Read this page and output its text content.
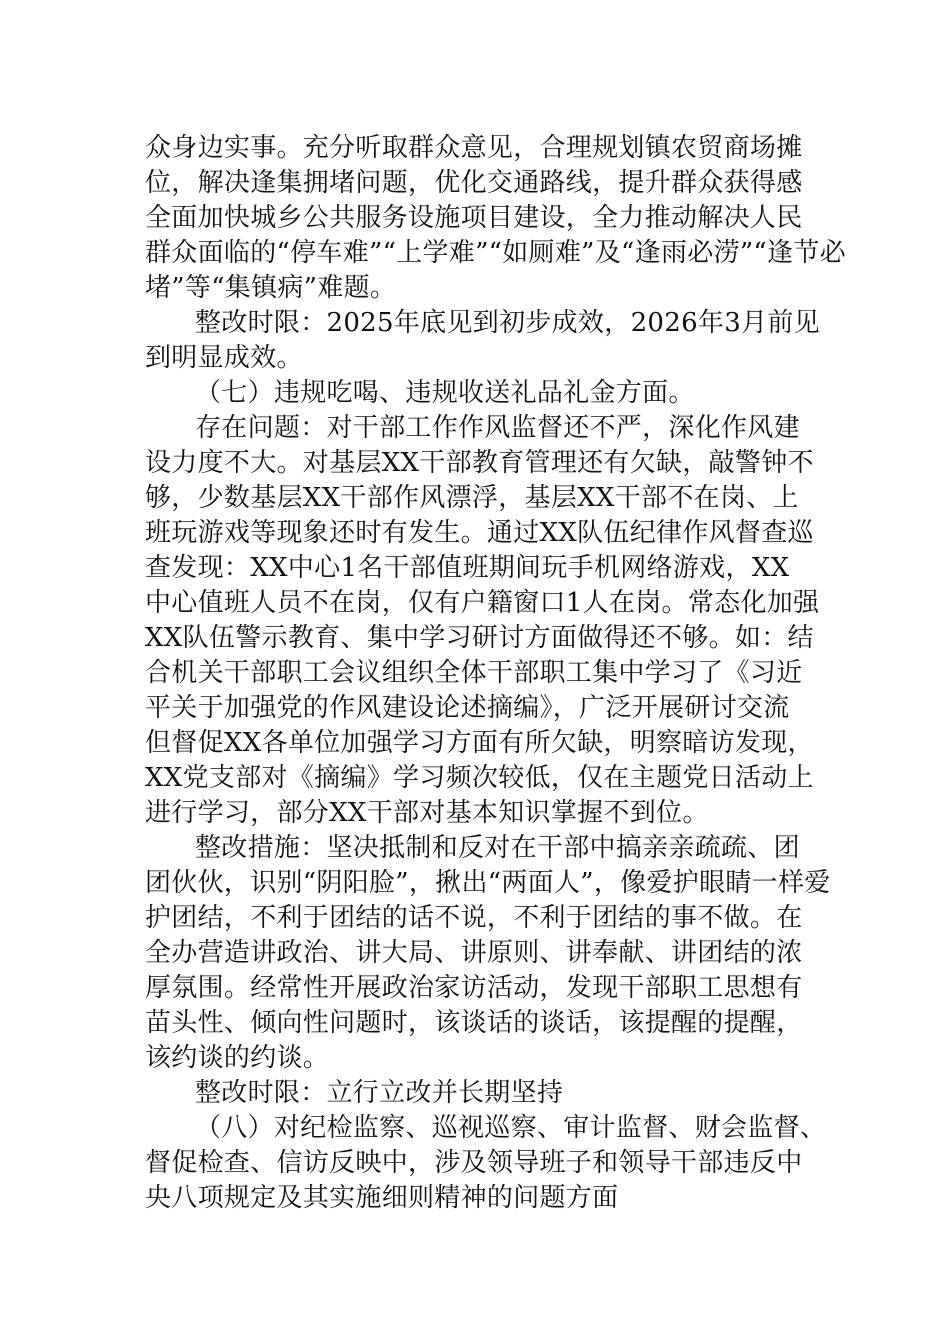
众身边实事。充分听取群众意见，合理规划镇农贸商场摊
位，解决逢集拥堵问题，优化交通路线，提升群众获得感
全面加快城乡公共服务设施项目建设，全力推动解决人民
群众面临的“停车难”“上学难”“如厕难”及“逢雨必涝”“逢节必
堵”等“集镇病”难题。
整改时限：2025年底见到初步成效，2026年3月前见
到明显成效。
（七）违规吃喝、违规收送礼品礼金方面。
存在问题：对干部工作作风监督还不严，深化作风建
设力度不大。对基层XX干部教育管理还有欠缺，敲警钟不
够，少数基层XX干部作风漂浮，基层XX干部不在岗、上
班玩游戏等现象还时有发生。通过XX队伍纪律作风督查巡
查发现：XX中心1名干部值班期间玩手机网络游戏，XX
中心值班人员不在岗，仅有户籍窗口1人在岗。常态化加强
XX队伍警示教育、集中学习研讨方面做得还不够。如：结
合机关干部职工会议组织全体干部职工集中学习了《习近
平关于加强党的作风建设论述摘编》，广泛开展研讨交流
但督促XX各单位加强学习方面有所欠缺，明察暗访发现，
XX党支部对《摘编》学习频次较低，仅在主题党日活动上
进行学习，部分XX干部对基本知识掌握不到位。
整改措施：坚决抵制和反对在干部中搞亲亲疏疏、团
团伙伙，识别“阴阳脸”，揪出“两面人”，像爱护眼睛一样爱
护团结，不利于团结的话不说，不利于团结的事不做。在
全办营造讲政治、讲大局、讲原则、讲奉献、讲团结的浓
厚氛围。经常性开展政治家访活动，发现干部职工思想有
苗头性、倾向性问题时，该谈话的谈话，该提醒的提醒，
该约谈的约谈。
整改时限：立行立改并长期坚持
（八）对纪检监察、巡视巡察、审计监督、财会监督、
督促检查、信访反映中，涉及领导班子和领导干部违反中
央八项规定及其实施细则精神的问题方面
